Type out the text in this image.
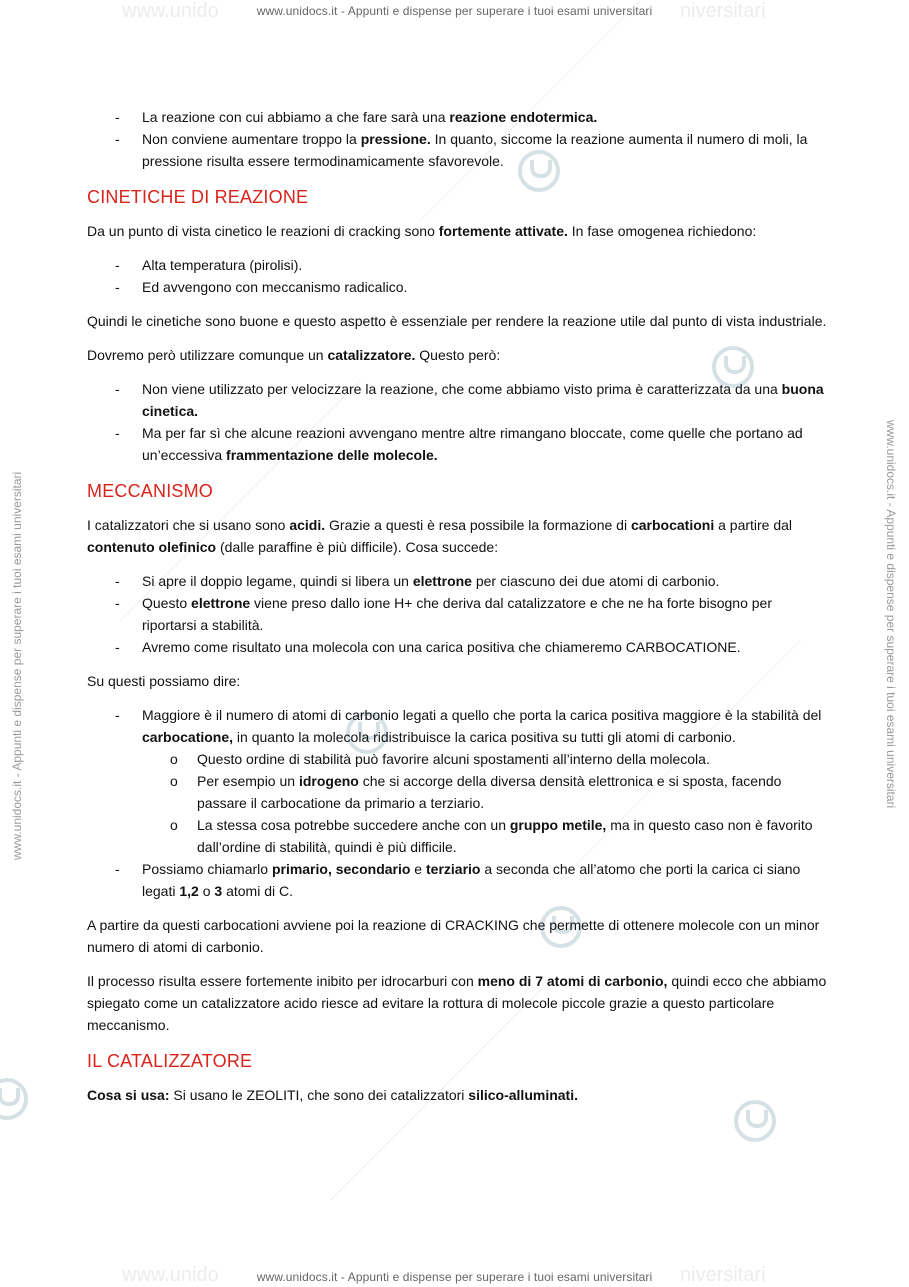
www.unido	niversitari
www.unido	niversitari
www.unidocs.it - Appunti e dispense per superare i tuoi esami universitari
www.unidocs.it - Appunti e dispense per superare i tuoi esami universitari
www.unidocs.it - Appunti e dispense per superare i tuoi esami universitari	www.unidocs.it - Appunti e dispense per superare i tuoi esami universitari
- La reazione con cui abbiamo a che fare sarà una reazione endotermica.
- Non conviene aumentare troppo la pressione. In quanto, siccome la reazione aumenta il numero di moli, la pressione risulta essere termodinamicamente sfavorevole.
CINETICHE DI REAZIONE

Da un punto di vista cinetico le reazioni di cracking sono fortemente attivate. In fase omogenea richiedono:

- Alta temperatura (pirolisi).
- Ed avvengono con meccanismo radicalico.

Quindi le cinetiche sono buone e questo aspetto è essenziale per rendere la reazione utile dal punto di vista industriale.

Dovremo però utilizzare comunque un catalizzatore. Questo però:

- Non viene utilizzato per velocizzare la reazione, che come abbiamo visto prima è caratterizzata da una buona cinetica.
- Ma per far sì che alcune reazioni avvengano mentre altre rimangano bloccate, come quelle che portano ad un’eccessiva frammentazione delle molecole.
MECCANISMO

I catalizzatori che si usano sono acidi. Grazie a questi è resa possibile la formazione di carbocationi a partire dal contenuto olefinico (dalle paraffine è più difficile). Cosa succede:

- Si apre il doppio legame, quindi si libera un elettrone per ciascuno dei due atomi di carbonio.
- Questo elettrone viene preso dallo ione H+ che deriva dal catalizzatore e che ne ha forte bisogno per riportarsi a stabilità.
- Avremo come risultato una molecola con una carica positiva che chiameremo CARBOCATIONE.

Su questi possiamo dire:

- Maggiore è il numero di atomi di carbonio legati a quello che porta la carica positiva maggiore è la stabilità del carbocatione, in quanto la molecola ridistribuisce la carica positiva su tutti gli atomi di carbonio.
o Questo ordine di stabilità può favorire alcuni spostamenti all’interno della molecola.
o Per esempio un idrogeno che si accorge della diversa densità elettronica e si sposta, facendo passare il carbocatione da primario a terziario.
o La stessa cosa potrebbe succedere anche con un gruppo metile, ma in questo caso non è favorito dall’ordine di stabilità, quindi è più difficile.
- Possiamo chiamarlo primario, secondario e terziario a seconda che all’atomo che porti la carica ci siano legati 1,2 o 3 atomi di C.

A partire da questi carbocationi avviene poi la reazione di CRACKING che permette di ottenere molecole con un minor numero di atomi di carbonio.

Il processo risulta essere fortemente inibito per idrocarburi con meno di 7 atomi di carbonio, quindi ecco che abbiamo spiegato come un catalizzatore acido riesce ad evitare la rottura di molecole piccole grazie a questo particolare meccanismo.

IL CATALIZZATORE

Cosa si usa: Si usano le ZEOLITI, che sono dei catalizzatori silico-alluminati.
